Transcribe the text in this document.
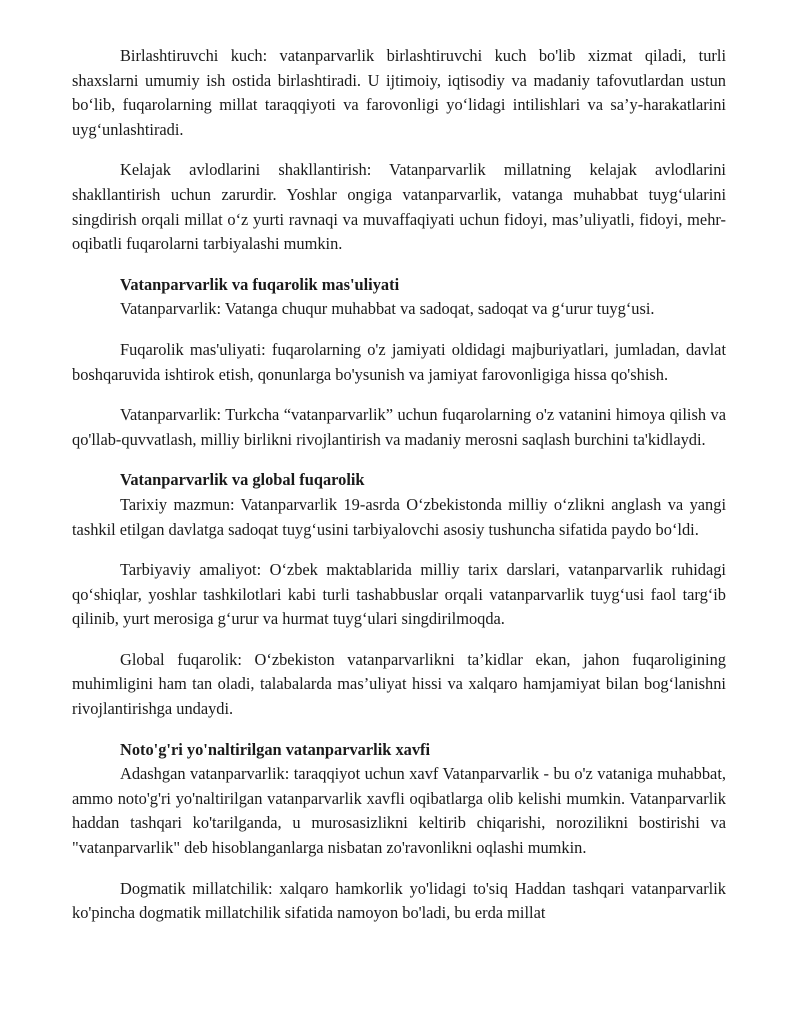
Birlashtiruvchi kuch: vatanparvarlik birlashtiruvchi kuch bo'lib xizmat qiladi, turli shaxslarni umumiy ish ostida birlashtiradi. U ijtimoiy, iqtisodiy va madaniy tafovutlardan ustun bo‘lib, fuqarolarning millat taraqqiyoti va farovonligi yo‘lidagi intilishlari va sa’y-harakatlarini uyg‘unlashtiradi.

Kelajak avlodlarini shakllantirish: Vatanparvarlik millatning kelajak avlodlarini shakllantirish uchun zarurdir. Yoshlar ongiga vatanparvarlik, vatanga muhabbat tuyg‘ularini singdirish orqali millat o‘z yurti ravnaqi va muvaffaqiyati uchun fidoyi, mas’uliyatli, fidoyi, mehr-oqibatli fuqarolarni tarbiyalashi mumkin.

Vatanparvarlik va fuqarolik mas'uliyati

Vatanparvarlik: Vatanga chuqur muhabbat va sadoqat, sadoqat va g‘urur tuyg‘usi.

Fuqarolik mas'uliyati: fuqarolarning o'z jamiyati oldidagi majburiyatlari, jumladan, davlat boshqaruvida ishtirok etish, qonunlarga bo'ysunish va jamiyat farovonligiga hissa qo'shish.

Vatanparvarlik: Turkcha “vatanparvarlik” uchun fuqarolarning o'z vatanini himoya qilish va qo'llab-quvvatlash, milliy birlikni rivojlantirish va madaniy merosni saqlash burchini ta'kidlaydi.

Vatanparvarlik va global fuqarolik

Tarixiy mazmun: Vatanparvarlik 19-asrda O‘zbekistonda milliy o‘zlikni anglash va yangi tashkil etilgan davlatga sadoqat tuyg‘usini tarbiyalovchi asosiy tushuncha sifatida paydo bo‘ldi.

Tarbiyaviy amaliyot: O‘zbek maktablarida milliy tarix darslari, vatanparvarlik ruhidagi qo‘shiqlar, yoshlar tashkilotlari kabi turli tashabbuslar orqali vatanparvarlik tuyg‘usi faol targ‘ib qilinib, yurt merosiga g‘urur va hurmat tuyg‘ulari singdirilmoqda.

Global fuqarolik: O‘zbekiston vatanparvarlikni ta’kidlar ekan, jahon fuqaroligining muhimligini ham tan oladi, talabalarda mas’uliyat hissi va xalqaro hamjamiyat bilan bog‘lanishni rivojlantirishga undaydi.

Noto'g'ri yo'naltirilgan vatanparvarlik xavfi

Adashgan vatanparvarlik: taraqqiyot uchun xavf Vatanparvarlik - bu o'z vataniga muhabbat, ammo noto'g'ri yo'naltirilgan vatanparvarlik xavfli oqibatlarga olib kelishi mumkin. Vatanparvarlik haddan tashqari ko'tarilganda, u murosasizlikni keltirib chiqarishi, norozilikni bostirishi va "vatanparvarlik" deb hisoblanganlarga nisbatan zo'ravonlikni oqlashi mumkin.

Dogmatik millatchilik: xalqaro hamkorlik yo'lidagi to'siq Haddan tashqari vatanparvarlik ko'pincha dogmatik millatchilik sifatida namoyon bo'ladi, bu erda millat
